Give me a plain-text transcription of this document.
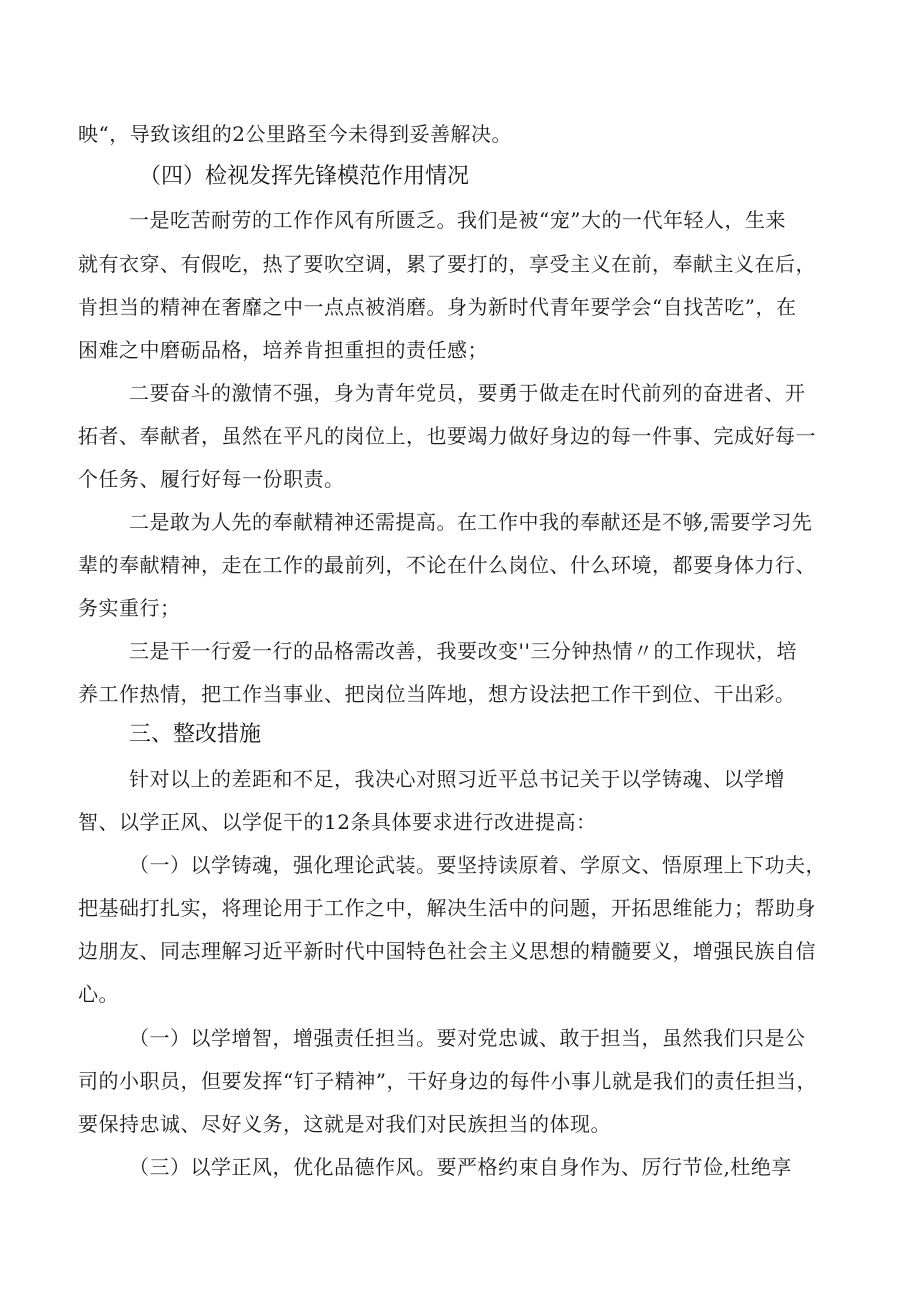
映“，导致该组的2公里路至今未得到妥善解决。
（四）检视发挥先锋模范作用情况
一是吃苦耐劳的工作作风有所匮乏。我们是被“宠”大的一代年轻人，生来
就有衣穿、有假吃，热了要吹空调，累了要打的，享受主义在前，奉献主义在后，
肯担当的精神在奢靡之中一点点被消磨。身为新时代青年要学会“自找苦吃”，在
困难之中磨砺品格，培养肯担重担的责任感；
二要奋斗的激情不强，身为青年党员，要勇于做走在时代前列的奋进者、开
拓者、奉献者，虽然在平凡的岗位上，也要竭力做好身边的每一件事、完成好每一
个任务、履行好每一份职责。
二是敢为人先的奉献精神还需提高。在工作中我的奉献还是不够,需要学习先
辈的奉献精神，走在工作的最前列，不论在什么岗位、什么环境，都要身体力行、
务实重行；
三是干一行爱一行的品格需改善，我要改变''三分钟热情〃的工作现状，培
养工作热情，把工作当事业、把岗位当阵地，想方设法把工作干到位、干出彩。
三、整改措施
针对以上的差距和不足，我决心对照习近平总书记关于以学铸魂、以学增
智、以学正风、以学促干的12条具体要求进行改进提高：
（一）以学铸魂，强化理论武装。要坚持读原着、学原文、悟原理上下功夫，
把基础打扎实，将理论用于工作之中，解决生活中的问题，开拓思维能力；帮助身
边朋友、同志理解习近平新时代中国特色社会主义思想的精髓要义，增强民族自信
心。
（一）以学增智，增强责任担当。要对党忠诚、敢于担当，虽然我们只是公
司的小职员，但要发挥“钉子精神”，干好身边的每件小事儿就是我们的责任担当，
要保持忠诚、尽好义务，这就是对我们对民族担当的体现。
（三）以学正风，优化品德作风。要严格约束自身作为、厉行节俭,杜绝享
